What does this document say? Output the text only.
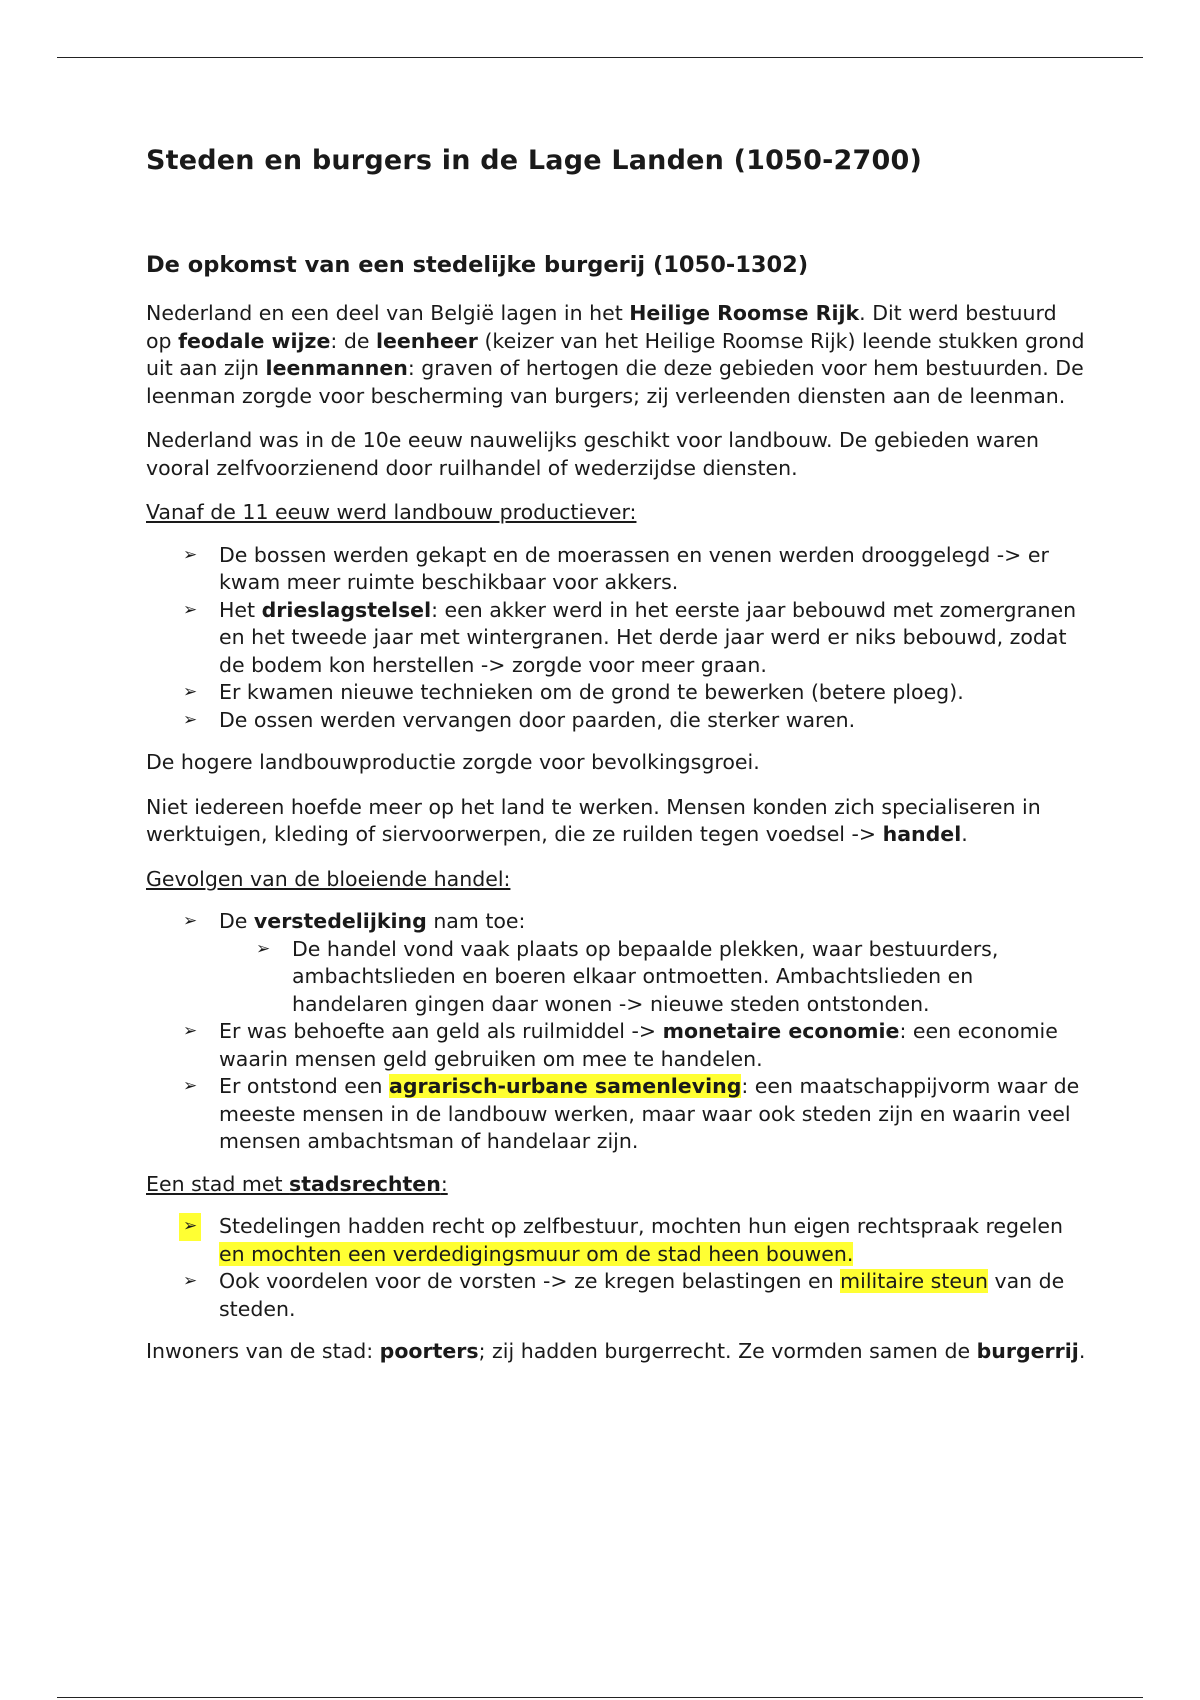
Steden en burgers in de Lage Landen (1050-2700)
De opkomst van een stedelijke burgerij (1050-1302)

Nederland en een deel van België lagen in het Heilige Roomse Rijk. Dit werd bestuurd op feodale wijze: de leenheer (keizer van het Heilige Roomse Rijk) leende stukken grond uit aan zijn leenmannen: graven of hertogen die deze gebieden voor hem bestuurden. De leenman zorgde voor bescherming van burgers; zij verleenden diensten aan de leenman.

Nederland was in de 10e eeuw nauwelijks geschikt voor landbouw. De gebieden waren vooral zelfvoorzienend door ruilhandel of wederzijdse diensten.

Vanaf de 11 eeuw werd landbouw productiever:

➢ De bossen werden gekapt en de moerassen en venen werden drooggelegd -> er kwam meer ruimte beschikbaar voor akkers.
➢ Het drieslagstelsel: een akker werd in het eerste jaar bebouwd met zomergranen en het tweede jaar met wintergranen. Het derde jaar werd er niks bebouwd, zodat de bodem kon herstellen -> zorgde voor meer graan.
➢ Er kwamen nieuwe technieken om de grond te bewerken (betere ploeg).
➢ De ossen werden vervangen door paarden, die sterker waren.

De hogere landbouwproductie zorgde voor bevolkingsgroei.

Niet iedereen hoefde meer op het land te werken. Mensen konden zich specialiseren in werktuigen, kleding of siervoorwerpen, die ze ruilden tegen voedsel -> handel.

Gevolgen van de bloeiende handel:

➢ De verstedelijking nam toe:
➢ De handel vond vaak plaats op bepaalde plekken, waar bestuurders, ambachtslieden en boeren elkaar ontmoetten. Ambachtslieden en handelaren gingen daar wonen -> nieuwe steden ontstonden.
➢ Er was behoefte aan geld als ruilmiddel -> monetaire economie: een economie waarin mensen geld gebruiken om mee te handelen.
➢ Er ontstond een agrarisch-urbane samenleving: een maatschappijvorm waar de meeste mensen in de landbouw werken, maar waar ook steden zijn en waarin veel mensen ambachtsman of handelaar zijn.

Een stad met stadsrechten:

➢ Stedelingen hadden recht op zelfbestuur, mochten hun eigen rechtspraak regelen en mochten een verdedigingsmuur om de stad heen bouwen.
➢ Ook voordelen voor de vorsten -> ze kregen belastingen en militaire steun van de steden.

Inwoners van de stad: poorters; zij hadden burgerrecht. Ze vormden samen de burgerrij.
